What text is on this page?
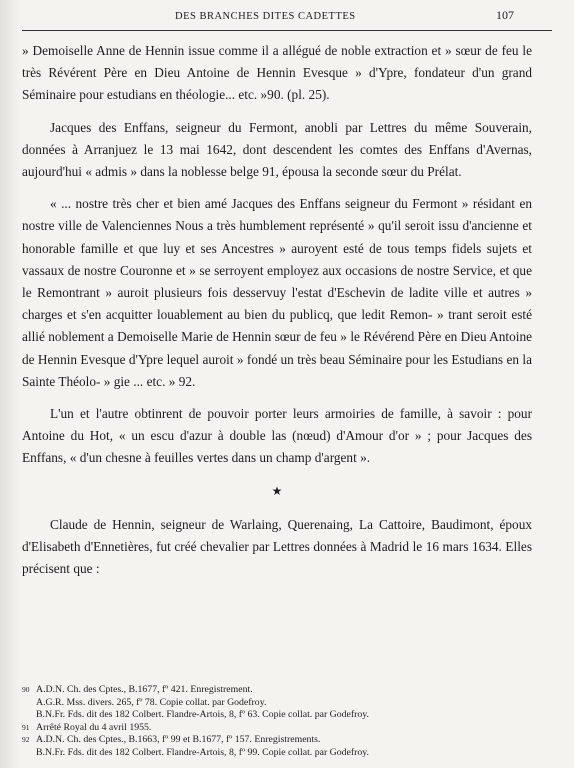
DES BRANCHES DITES CADETTES	107

» Demoiselle Anne de Hennin issue comme il a allégué de noble extraction et » sœur de feu le très Révérent Père en Dieu Antoine de Hennin Evesque » d'Ypre, fondateur d'un grand Séminaire pour estudians en théologie... etc. »90. (pl. 25).

Jacques des Enffans, seigneur du Fermont, anobli par Lettres du même Souverain, données à Arranjuez le 13 mai 1642, dont descendent les comtes des Enffans d'Avernas, aujourd'hui « admis » dans la noblesse belge 91, épousa la seconde sœur du Prélat.

« ... nostre très cher et bien amé Jacques des Enffans seigneur du Fermont » résidant en nostre ville de Valenciennes Nous a très humblement représenté » qu'il seroit issu d'ancienne et honorable famille et que luy et ses Ancestres » auroyent esté de tous temps fidels sujets et vassaux de nostre Couronne et » se serroyent employez aux occasions de nostre Service, et que le Remontrant » auroit plusieurs fois desservuy l'estat d'Eschevin de ladite ville et autres » charges et s'en acquitter louablement au bien du publicq, que ledit Remon- » trant seroit esté allié noblement a Demoiselle Marie de Hennin sœur de feu » le Révérend Père en Dieu Antoine de Hennin Evesque d'Ypre lequel auroit » fondé un très beau Séminaire pour les Estudians en la Sainte Théolo- » gie ... etc. » 92.

L'un et l'autre obtinrent de pouvoir porter leurs armoiries de famille, à savoir : pour Antoine du Hot, « un escu d'azur à double las (nœud) d'Amour d'or » ; pour Jacques des Enffans, « d'un chesne à feuilles vertes dans un champ d'argent ».

★

Claude de Hennin, seigneur de Warlaing, Querenaing, La Cattoire, Baudimont, époux d'Elisabeth d'Ennetières, fut créé chevalier par Lettres données à Madrid le 16 mars 1634. Elles précisent que :

90 A.D.N. Ch. des Cptes., B.1677, fº 421. Enregistrement.
A.G.R. Mss. divers. 265, fº 78. Copie collat. par Godefroy.
B.N.Fr. Fds. dit des 182 Colbert. Flandre-Artois, 8, fº 63. Copie collat. par Godefroy.
91 Arrêté Royal du 4 avril 1955.
92 A.D.N. Ch. des Cptes., B.1663, fº 99 et B.1677, fº 157. Enregistrements.
B.N.Fr. Fds. dit des 182 Colbert. Flandre-Artois, 8, fº 99. Copie collat. par Godefroy.
